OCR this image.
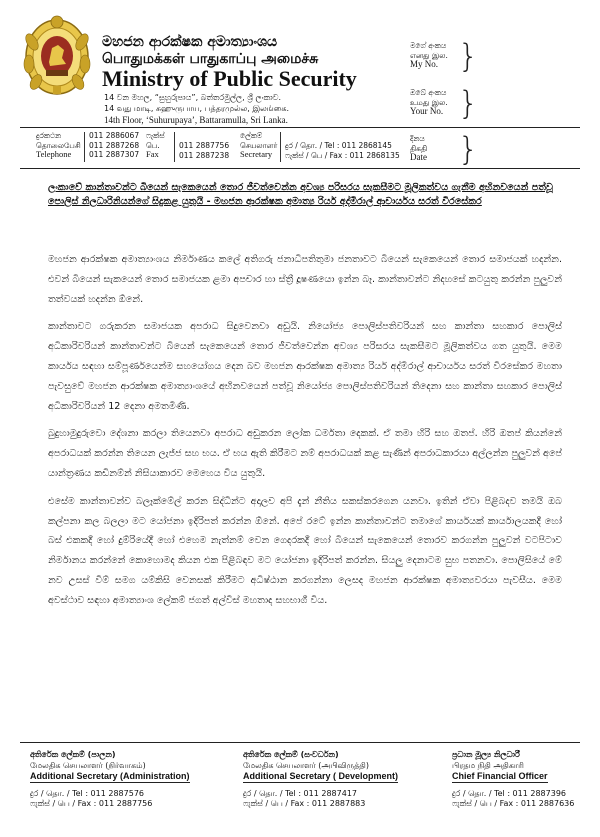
මහජන ආරක්ෂක අමාත්‍යාංශය
பொதுமக்கள் பாதுகாப்பு அமைச்சு
Ministry of Public Security
14 වන මහල, “සුහුරුපාය”, බත්තරමුල්ල, ශ්‍රී ලංකාව.
14 வது மாடி, சுஹுருபாய, பத்தரமுல்ல, இலங்கை.
14th Floor, ‘Suhurupaya’, Battaramulla, Sri Lanka.
මගේ අංකය
எனது இல.
My No. }
ඔබේ අංකය
உமது இல.
Your No. }
දුරකථන
தொலைபேசி
Telephone
011 2886067
011 2887268
011 2887307
ෆැක්ස්
பெ.
Fax
011 2887756
011 2887238
ලේකම්
செயலாளர்
Secretary
දුර / தொ. / Tel : 011 2868145
ෆැක්ස් / பெ / Fax : 011 2868135
දිනය
திகதி
Date }
ලංකාවේ කාන්තාවන්ට බියෙන් සැකෙයෙන් තොර ජීවත්වෙන්න අවශ්‍ය පරිසරය සැකසීමට මූලිකත්වය ගැනීම අභිනවයෙන් පත්වූ පොලිස් නිලධාරිනියන්ගේ සිදුකළ යුතුයි - මහජන ආරක්ෂක අමාත්‍ය රියර් අද්මිරාල් ආචාර්යය සරත් වීරසේකර

මහජන ආරක්ෂක අමාත්‍යාංශය නිර්මාණය කලේ අතිගරු ජනාධිපතිතුමා ජනතාවට බියෙන් සැකෙයෙන් තොර සමාජයක් හදන්න. එවන් බියෙන් සැකයෙන් තොර සමාජයක ළමා අපචාර හා ස්ත්‍රී දූෂණයො ඉන්න බෑ. කාන්තාවන්ට නිදහසේ කටයුතු කරන්න පුලුවන් තත්වයක් හදන්න ඕනේ.

කාන්තාවට ගරුකරන සමාජයක අපරාධ සිදුවෙනවා අඩුයි. නියෝජ්‍ය පොලිස්පතිවරියන් සහ කාන්තා සහකාර පොලිස් අධිකාරිවරියන් කාන්තාවන්ට බියෙන් සැකෙයෙන් තොර ජීවත්වෙන්න අවශ්‍ය පරිසරය සැකසීමට මූලිකත්වය ගත යුතුයි. මෙම කාර්යය සඳහා සම්පූර්ණයෙන්ම සහයෝගය දෙන බව මහජන ආරක්ෂක අමාත්‍ය රියර් අද්මිරාල් ආචාර්යය සරත් වීරසේකර මහතා පැවසුවේ මහජන ආරක්ෂක අමාත්‍යාංශයේ අභිනවයෙන් පත්වූ නියෝජ්‍ය පොලිස්පතිවරියන් තිදෙනා සහ කාන්තා සහකාර පොලිස් අධිකාරිවරියන් 12 දෙනා අමතමිණි.

බුදුහාමුදුරුවො දේශනා කරලා තියෙනවා අපරාධ අඩුකරන ලෝක ධර්මතා දෙකක්. ඒ තමා හිරි සහ ඔතප්. හිරි ඔතප් කියන්නේ අපරාධයක් කරන්න තියෙන ලැජ්ජ සහ භය. ඒ භය ඇති කිරීමට නම් අපරාධයක් කළ සැණින් අපරාධකාරයා අල්ලන්න පුලුවන් අපේ යාන්ත්‍රණය කඩිනම්න් නිසියාකාරව මෙහෙය විය යුතුයි.

එසේම කාන්තාවන්ව බලෑක්මේල් කරන සිද්ධීන්ට අදාලව අපි දැන් නීතිය සකස්කරගෙන යනවා. ඉතින් ඒවා පිළිබදව තමයි ඔබ කල්පනා කල බලලා මට යෝජනා ඉදිරිපත් කරන්න ඕනේ. අපේ රටේ ඉන්න කාන්තාවන්ට තමාගේ කාර්යයක් කාර්යාලයකදී හෝ බස් එකකදී හෝ දුම්රියේදී හෝ එහෙම නැත්නම් වෙන ගෙදරකදී හෝ බියෙන් සැකෙයෙන් තොරව කරගන්න පුලුවන් වටපිටාව නිර්මානය කරන්නේ කොහොමද කියන එක පිළිබඳව මට යෝජනා ඉදිරිපත් කරන්න. සියලු දෙනාටම සුභ පතනවා. පොලිසියේ මේ නව උසස් වීම් සමග යම්කිසි වෙනසක් කිරීමට අධිෂ්ඨාන කරගන්නා ලෙසද මහජන ආරක්ෂක අමාත්‍යවරයා පැවසීය. මෙම අවස්ථාව සඳහා අමාත්‍යාංශ ලේකම් ජගත් අල්විස් මහතාද සහභාගී විය.

අතිරේක ලේකම් (පාලන)
மேலதிக செயலாளர் (நிர்வாகம்)
Additional Secretary (Administration)
දුර / தொ. / Tel : 011 2887576
ෆැක්ස් / பெ / Fax : 011 2887756
අතිරේක ලේකම් (සංවර්ධන)
மேலதிக செயலாளர் (அபிவிருத்தி)
Additional Secretary ( Development)
දුර / தொ. / Tel : 011 2887417
ෆැක්ස් / பெ / Fax : 011 2887883
ප්‍රධාන මූල්‍ය නිලධාරී
பிரதம நிதி அதிகாரி
Chief Financial Officer
දුර / தொ. / Tel : 011 2887396
ෆැක්ස් / பெ / Fax : 011 2887636
